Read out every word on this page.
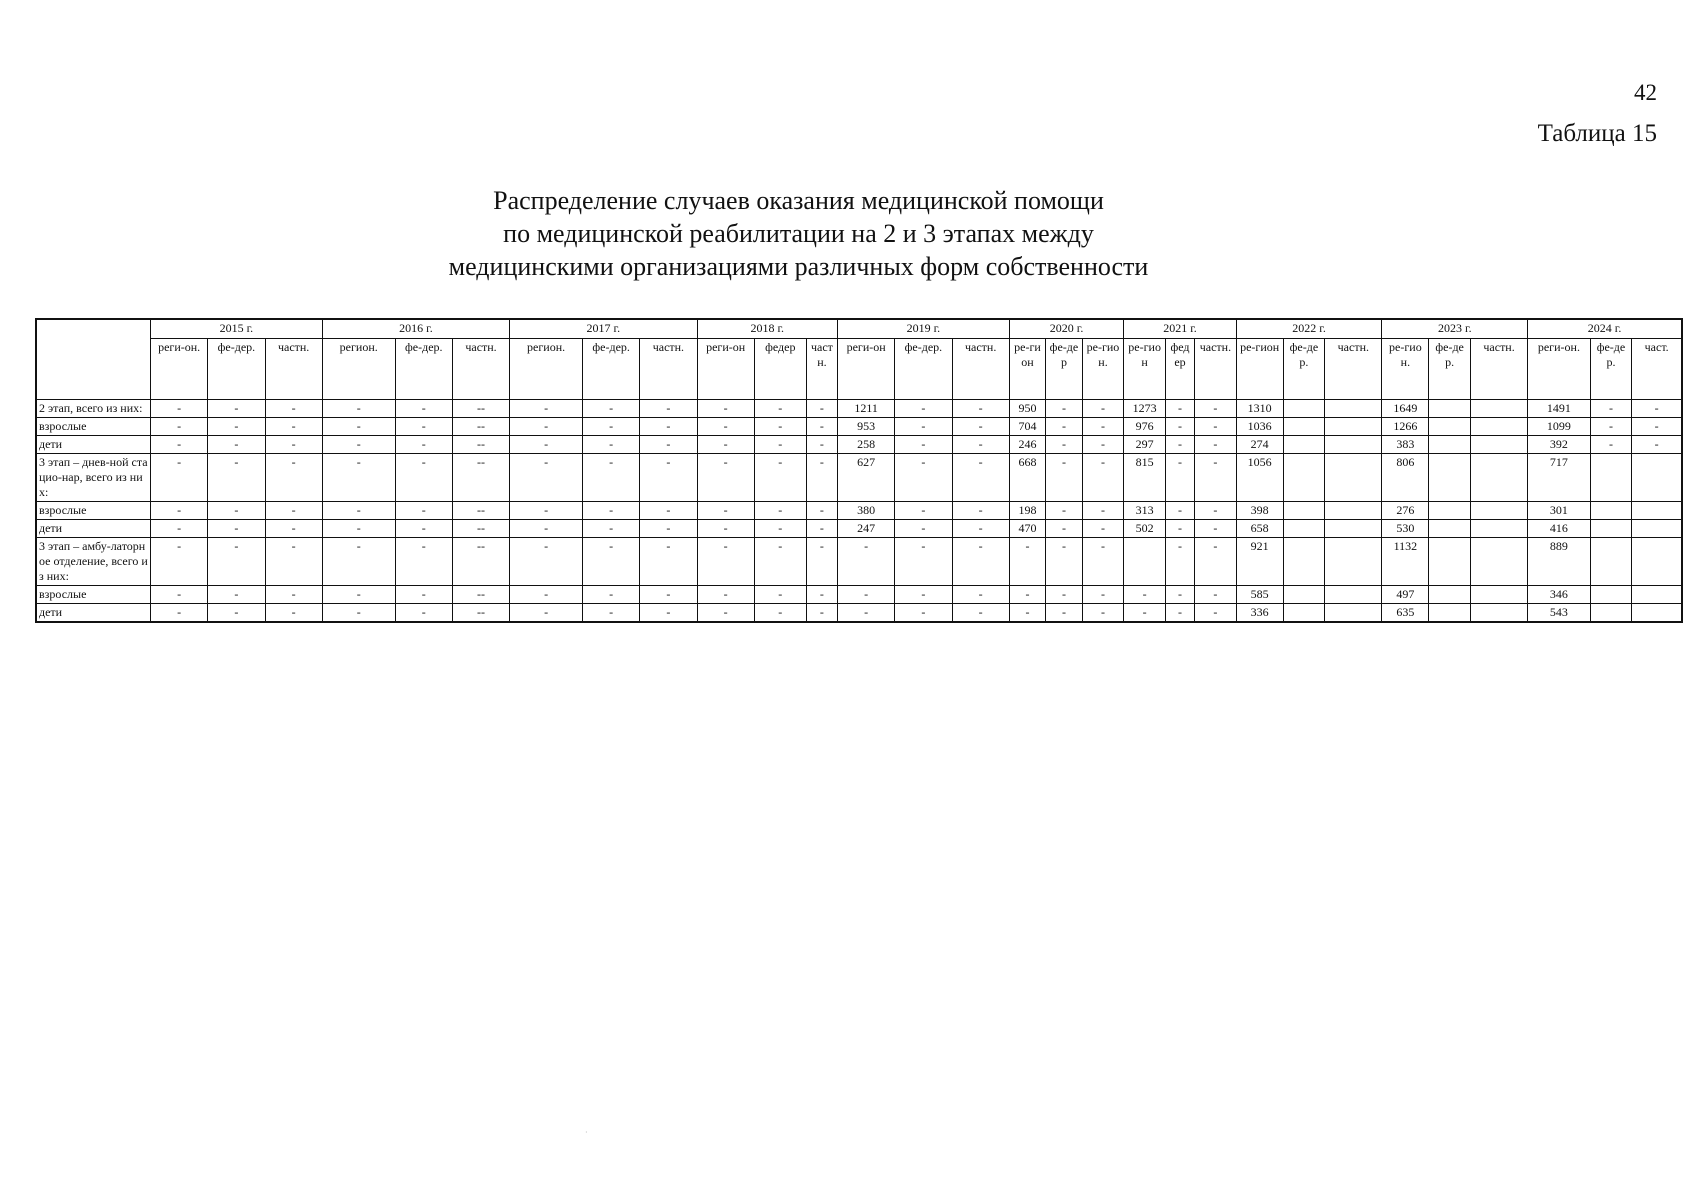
42
Таблица 15
Распределение случаев оказания медицинской помощи
по медицинской реабилитации на 2 и 3 этапах между
медицинскими организациями различных форм собственности
	2015 г.			2016 г.			2017 г.			2018 г.			2019 г.			2020 г.			2021 г.			2022 г.			2023 г.			2024 г.		
	реги-он.	фе-дер.	частн.	регион.	фе-дер.	частн.	регион.	фе-дер.	частн.	реги-он	федер	частн.	реги-он	фе-дер.	частн.	ре-гион	фе-дер	ре-гион.	ре-гион	федер	частн.	ре-гион	фе-дер.	частн.	ре-гион.	фе-дер.	частн.	реги-он.	фе-дер.	част.
2 этап, всего из них:	-	-	-	-	-	--	-	-	-	-	-	-	1211	-	-	950	-	-	1273	-	-	1310			1649			1491	-	-
взрослые	-	-	-	-	-	--	-	-	-	-	-	-	953	-	-	704	-	-	976	-	-	1036			1266			1099	-	-
дети	-	-	-	-	-	--	-	-	-	-	-	-	258	-	-	246	-	-	297	-	-	274			383			392	-	-
3 этап – днев-ной стацио-нар, всего из них:	-	-	-	-	-	--	-	-	-	-	-	-	627	-	-	668	-	-	815	-	-	1056			806			717		
взрослые	-	-	-	-	-	--	-	-	-	-	-	-	380	-	-	198	-	-	313	-	-	398			276			301		
дети	-	-	-	-	-	--	-	-	-	-	-	-	247	-	-	470	-	-	502	-	-	658			530			416		
3 этап – амбу-латорное отделение, всего из них:	-	-	-	-	-	--	-	-	-	-	-	-	-	-	-	-	-	-		-	-	921			1132			889		
взрослые	-	-	-	-	-	--	-	-	-	-	-	-	-	-	-	-	-	-	-	-	-	585			497			346		
дети	-	-	-	-	-	--	-	-	-	-	-	-	-	-	-	-	-	-	-	-	-	336			635			543		
·
